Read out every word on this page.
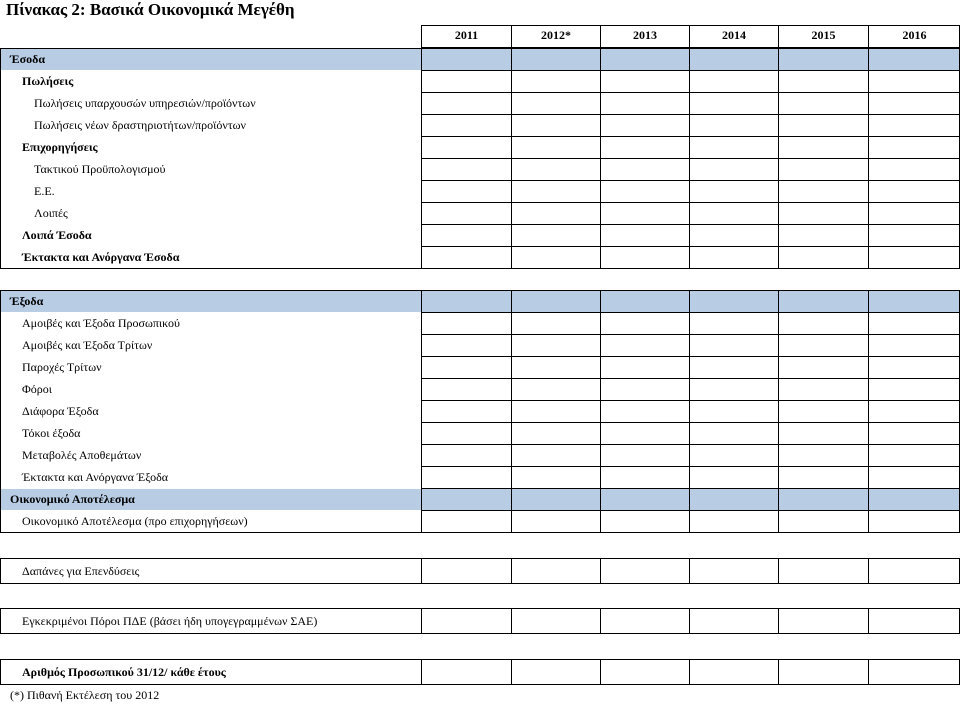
Πίνακας 2: Βασικά Οικονομικά Μεγέθη
2011	2012*	2013	2014	2015	2016
Έσοδα
Πωλήσεις
Πωλήσεις υπαρχουσών υπηρεσιών/προϊόντων
Πωλήσεις νέων δραστηριοτήτων/προϊόντων
Επιχορηγήσεις
Τακτικού Προϋπολογισμού
Ε.Ε.
Λοιπές
Λοιπά Έσοδα
Έκτακτα και Ανόργανα Έσοδα
Έξοδα
Αμοιβές και Έξοδα Προσωπικού
Αμοιβές και Έξοδα Τρίτων
Παροχές Τρίτων
Φόροι
Διάφορα Έξοδα
Τόκοι έξοδα
Μεταβολές Αποθεμάτων
Έκτακτα και Ανόργανα Έξοδα
Οικονομικό Αποτέλεσμα
Οικονομικό Αποτέλεσμα (προ επιχορηγήσεων)
Δαπάνες για Επενδύσεις
Εγκεκριμένοι Πόροι ΠΔΕ (βάσει ήδη υπογεγραμμένων ΣΑΕ)
Αριθμός Προσωπικού 31/12/ κάθε έτους
(*) Πιθανή Εκτέλεση του 2012
